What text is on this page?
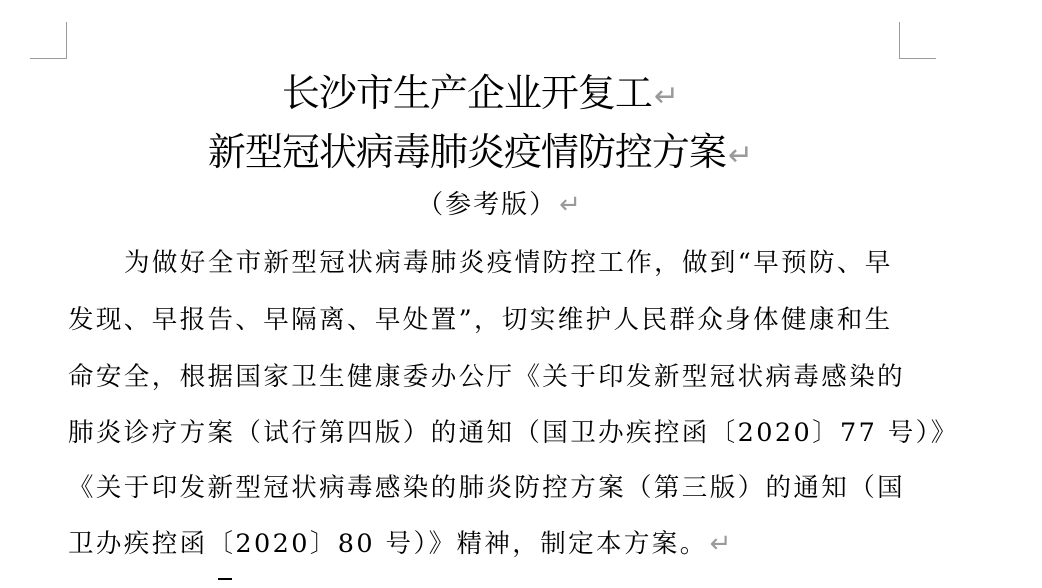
长沙市生产企业开复工↵
新型冠状病毒肺炎疫情防控方案↵
（参考版）↵
为做好全市新型冠状病毒肺炎疫情防控工作，做到“早预防、早
发现、早报告、早隔离、早处置”，切实维护人民群众身体健康和生
命安全，根据国家卫生健康委办公厅《关于印发新型冠状病毒感染的
肺炎诊疗方案（试行第四版）的通知（国卫办疾控函〔2020〕77 号）》
《关于印发新型冠状病毒感染的肺炎防控方案（第三版）的通知（国
卫办疾控函〔2020〕80 号）》精神，制定本方案。↵
